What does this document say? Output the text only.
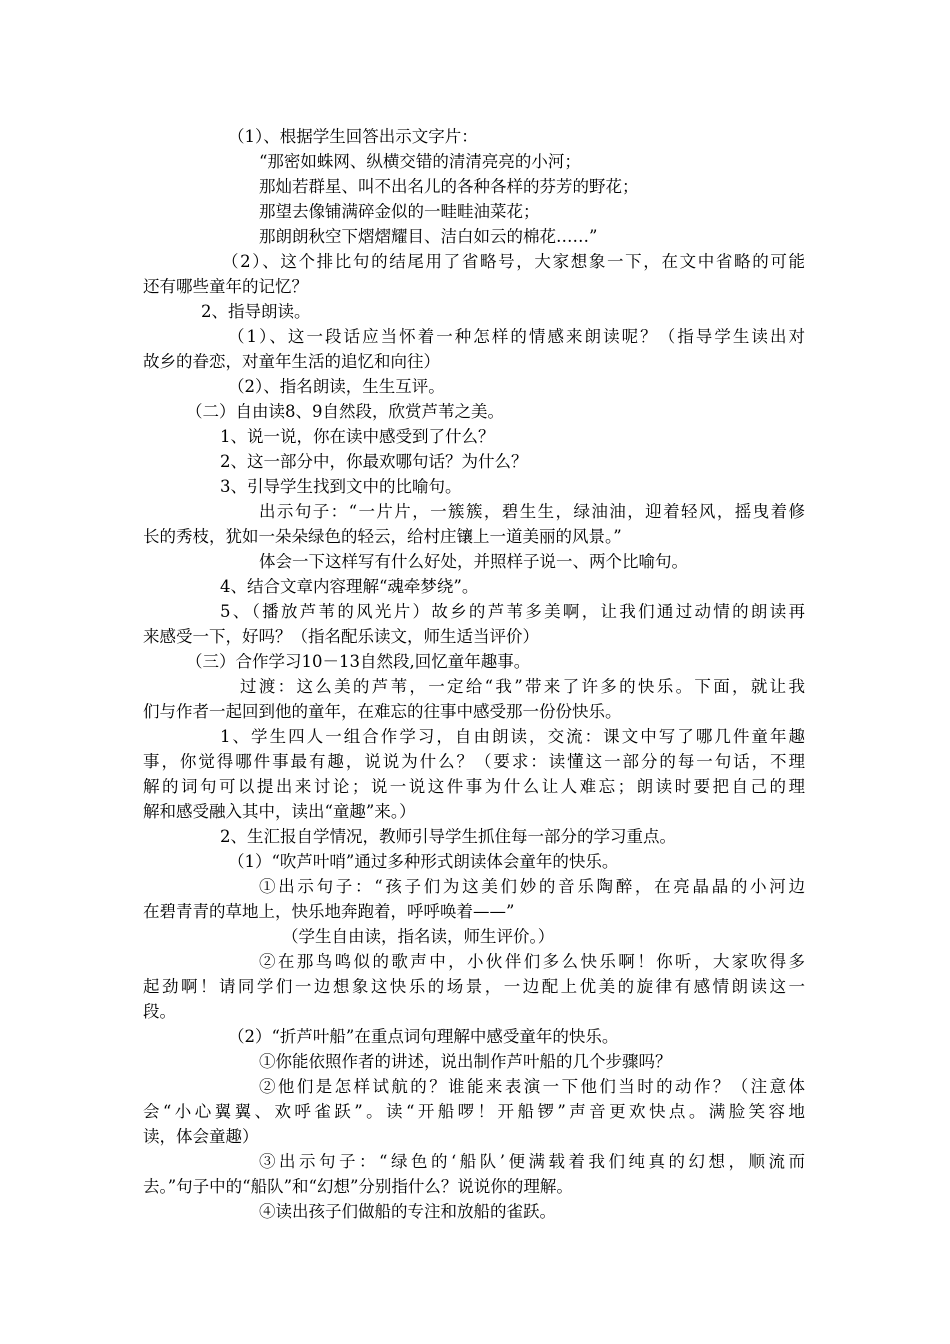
（1）、根据学生回答出示文字片：
“那密如蛛网、纵横交错的清清亮亮的小河；
那灿若群星、叫不出名儿的各种各样的芬芳的野花；
那望去像铺满碎金似的一畦畦油菜花；
那朗朗秋空下熠熠耀目、洁白如云的棉花……”
（2）、这个排比句的结尾用了省略号，大家想象一下，在文中省略的可能
还有哪些童年的记忆？
2、指导朗读。
（1）、这一段话应当怀着一种怎样的情感来朗读呢？（指导学生读出对
故乡的眷恋，对童年生活的追忆和向往）
（2）、指名朗读，生生互评。
（二）自由读8、9自然段，欣赏芦苇之美。
1、说一说，你在读中感受到了什么？
2、这一部分中，你最欢哪句话？为什么？
3、引导学生找到文中的比喻句。
出示句子：“一片片，一簇簇，碧生生，绿油油，迎着轻风，摇曳着修
长的秀枝，犹如一朵朵绿色的轻云，给村庄镶上一道美丽的风景。”
体会一下这样写有什么好处，并照样子说一、两个比喻句。
4、结合文章内容理解“魂牵梦绕”。
5、（播放芦苇的风光片）故乡的芦苇多美啊，让我们通过动情的朗读再
来感受一下，好吗？（指名配乐读文，师生适当评价）
（三）合作学习10－13自然段,回忆童年趣事。
过渡：这么美的芦苇，一定给“我”带来了许多的快乐。下面，就让我
们与作者一起回到他的童年，在难忘的往事中感受那一份份快乐。
1、学生四人一组合作学习，自由朗读，交流：课文中写了哪几件童年趣
事，你觉得哪件事最有趣，说说为什么？（要求：读懂这一部分的每一句话，不理
解的词句可以提出来讨论；说一说这件事为什么让人难忘；朗读时要把自己的理
解和感受融入其中，读出“童趣”来。）
2、生汇报自学情况，教师引导学生抓住每一部分的学习重点。
（1）“吹芦叶哨”通过多种形式朗读体会童年的快乐。
①出示句子：“孩子们为这美们妙的音乐陶醉，在亮晶晶的小河边
在碧青青的草地上，快乐地奔跑着，呼呼唤着——”
（学生自由读，指名读，师生评价。）
②在那鸟鸣似的歌声中，小伙伴们多么快乐啊！你听，大家吹得多
起劲啊！请同学们一边想象这快乐的场景，一边配上优美的旋律有感情朗读这一
段。
（2）“折芦叶船”在重点词句理解中感受童年的快乐。
①你能依照作者的讲述，说出制作芦叶船的几个步骤吗？
②他们是怎样试航的？谁能来表演一下他们当时的动作？（注意体
会“小心翼翼、欢呼雀跃”。读“开船啰！开船锣”声音更欢快点。满脸笑容地
读，体会童趣）
③出示句子：“绿色的‘船队’便满载着我们纯真的幻想，顺流而
去。”句子中的“船队”和“幻想”分别指什么？说说你的理解。
④读出孩子们做船的专注和放船的雀跃。
